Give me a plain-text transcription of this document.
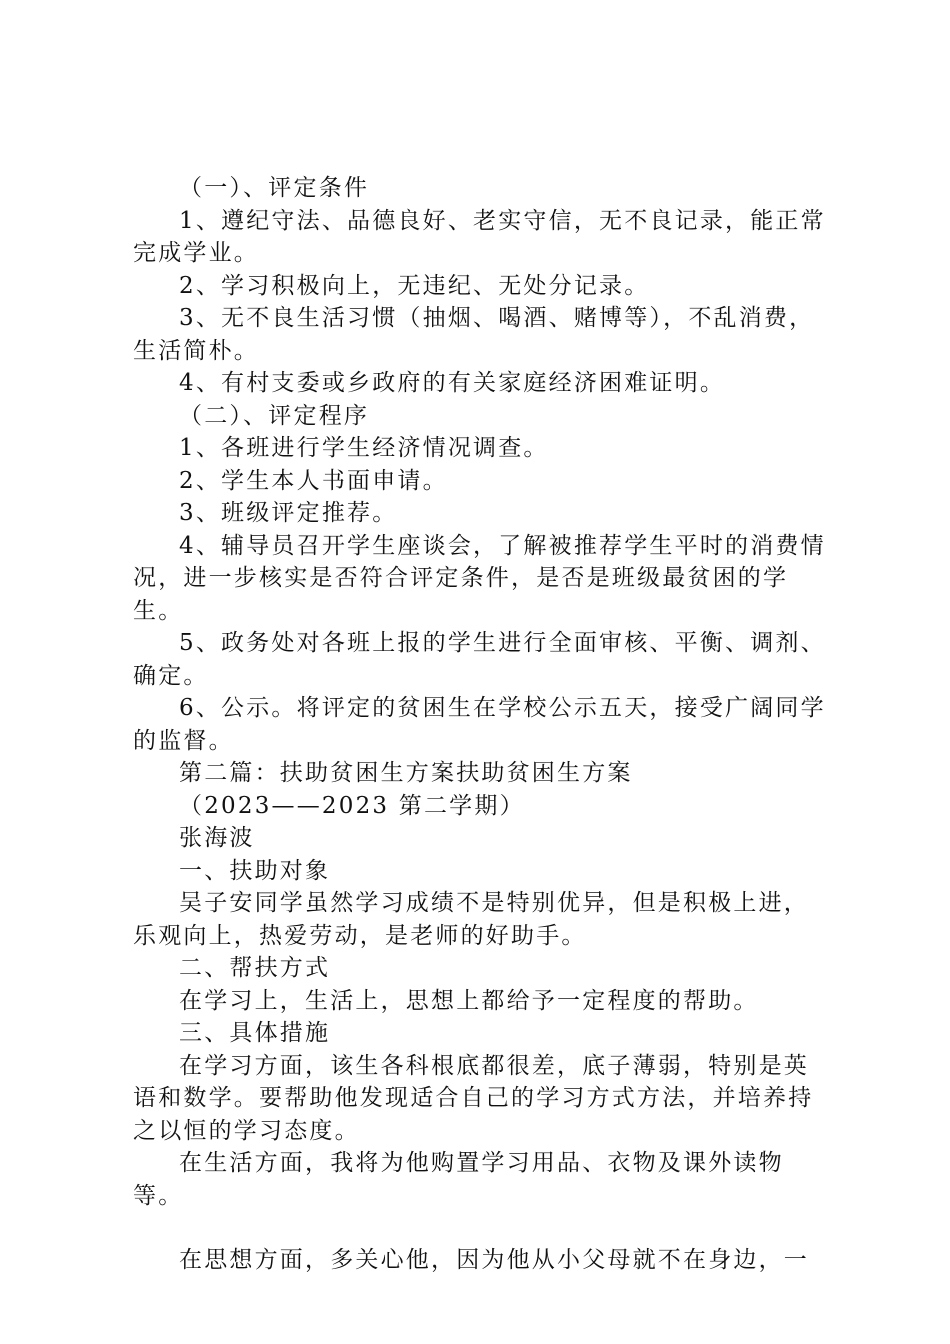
（一）、评定条件

1、遵纪守法、品德良好、老实守信，无不良记录，能正常完成学业。

2、学习积极向上，无违纪、无处分记录。

3、无不良生活习惯（抽烟、喝酒、赌博等），不乱消费，生活简朴。

4、有村支委或乡政府的有关家庭经济困难证明。

（二）、评定程序

1、各班进行学生经济情况调查。

2、学生本人书面申请。

3、班级评定推荐。

4、辅导员召开学生座谈会，了解被推荐学生平时的消费情况，进一步核实是否符合评定条件，是否是班级最贫困的学生。

5、政务处对各班上报的学生进行全面审核、平衡、调剂、确定。

6、公示。将评定的贫困生在学校公示五天，接受广阔同学的监督。

第二篇：扶助贫困生方案扶助贫困生方案

（2023——2023 第二学期）

张海波

一、扶助对象

吴子安同学虽然学习成绩不是特别优异，但是积极上进，乐观向上，热爱劳动，是老师的好助手。

二、帮扶方式

在学习上，生活上，思想上都给予一定程度的帮助。

三、具体措施

在学习方面，该生各科根底都很差，底子薄弱，特别是英语和数学。要帮助他发现适合自己的学习方式方法，并培养持之以恒的学习态度。

在生活方面，我将为他购置学习用品、衣物及课外读物等。

在思想方面，多关心他，因为他从小父母就不在身边，一
